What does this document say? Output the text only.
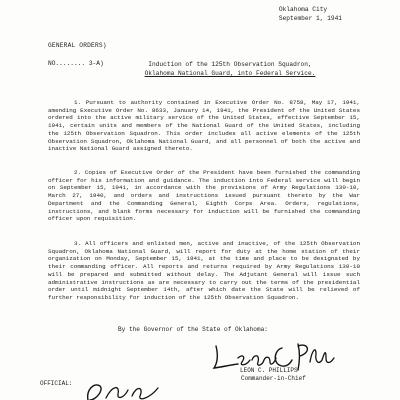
Oklahoma City
September 1, 1941
GENERAL ORDERS)
NO........ 3-A)	Induction of the 125th Observation Squadron,
Oklahoma National Guard, into Federal Service.

1. Pursuant to authority contained in Executive Order No. 8758, May 17, 1941, amending Executive Order No. 8633, January 14, 1941, the President of the United States ordered into the active military service of the United States, effective September 15, 1941, certain units and members of the National Guard of the United States, including the 125th Observation Squadron. This order includes all active elements of the 125th Observation Squadron, Oklahoma National Guard, and all personnel of both the active and inactive National Guard assigned thereto.

2. Copies of Executive Order of the President have been furnished the commanding officer for his information and guidance. The induction into Federal service will begin on September 15, 1941, in accordance with the provisions of Army Regulations 130-10, March 27, 1940, and orders and instructions issued pursuant thereto by the War Department and the Commanding General, Eighth Corps Area. Orders, regulations, instructions, and blank forms necessary for induction will be furnished the commanding officer upon requisition.

3. All officers and enlisted men, active and inactive, of the 125th Observation Squadron, Oklahoma National Guard, will report for duty at the home station of their organization on Monday, September 15, 1941, at the time and place to be designated by their commanding officer. All reports and returns required by Army Regulations 130-10 will be prepared and submitted without delay. The Adjutant General will issue such administrative instructions as are necessary to carry out the terms of the presidential order until midnight September 14th, after which date the State will be relieved of further responsibility for induction of the 125th Observation Squadron.

By the Governor of the State of Oklahoma:
LEON C. PHILLIPS
Commander-in-Chief
OFFICIAL:
